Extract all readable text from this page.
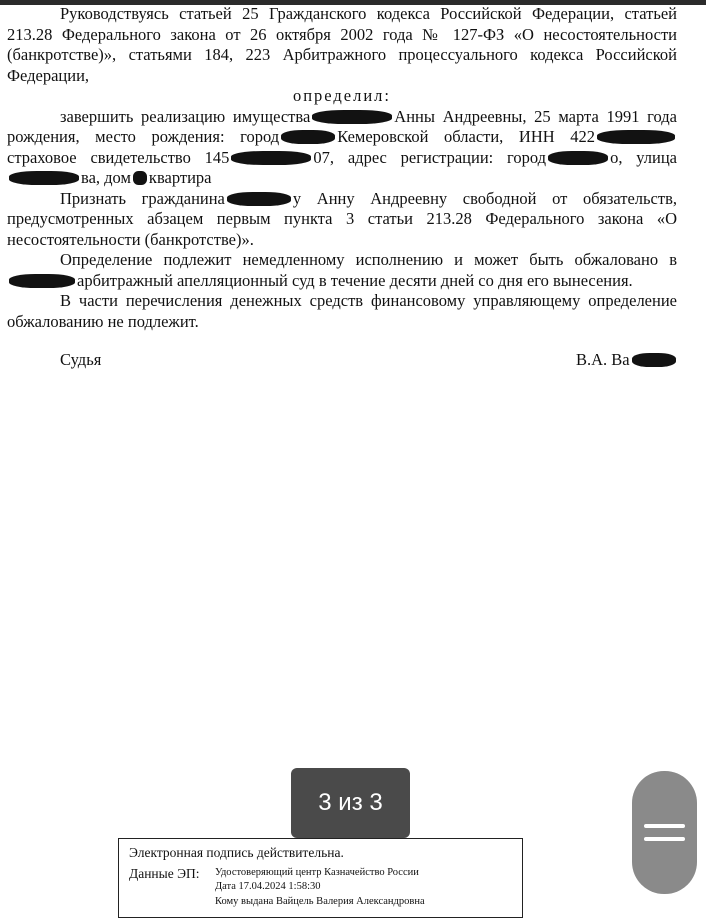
Руководствуясь статьей 25 Гражданского кодекса Российской Федерации, статьей 213.28 Федерального закона от 26 октября 2002 года № 127-ФЗ «О несостоятельности (банкротстве)», статьями 184, 223 Арбитражного процессуального кодекса Российской Федерации,

определил:

завершить реализацию имущества	Анны Андреевны, 25 марта 1991 года рождения, место рождения: город	Кемеровской области, ИНН 422страховое свидетельство 145	07, адрес регистрации: город	о, улицава, дом квартира

Признать гражданина	у Анну Андреевну свободной от обязательств, предусмотренных абзацем первым пункта 3 статьи 213.28 Федерального закона «О несостоятельности (банкротстве)».

Определение подлежит немедленному исполнению и может быть обжаловано в арбитражный апелляционный суд в течение десяти дней со дня его вынесения.

В части перечисления денежных средств финансовому управляющему определение обжалованию не подлежит.

Судья	В.А. Ва
3 из 3
Электронная подпись действительна.
Данные ЭП: Удостоверяющий центр Казначейство России
Дата 17.04.2024 1:58:30
Кому выдана Вайцель Валерия Александровна
